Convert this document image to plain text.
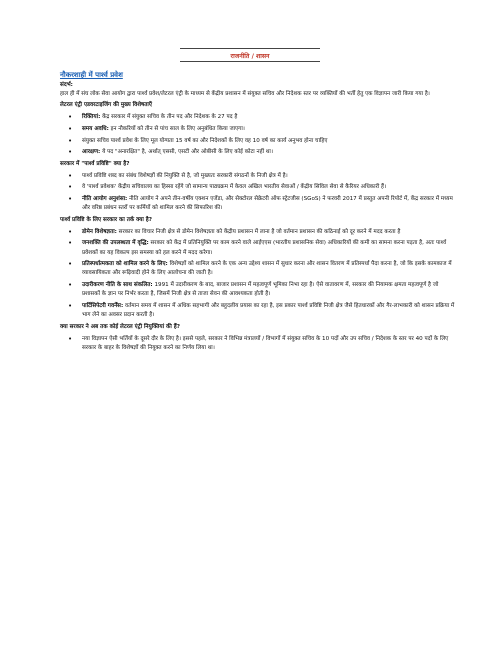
राजनीति / शासन
नौकरशाही में पार्श्व प्रवेश
संदर्भ:

हाल ही में संघ लोक सेवा आयोग द्वारा पार्श्व प्रवेश/लेटरल एंट्री के माध्यम से केंद्रीय प्रशासन में संयुक्त सचिव और निदेशक स्तर पर व्यक्तियों की भर्ती हेतु एक विज्ञापन जारी किया गया है।

लेटरल एंट्री एडवरटाइजिंग की मुख्य विशेषताएँ
• रिक्तियां: केंद्र सरकार में संयुक्त सचिव के तीन पद और निदेशक के 27 पद है
• समय अवधि: इन नौकरियों को तीन से पांच साल के लिए अनुबंधित किया जाएगा।
• संयुक्त सचिव पार्श्व प्रवेश के लिए मूल योग्यता 15 वर्ष का और निदेशकों के लिए वह 10 वर्ष का कार्य अनुभव होना चाहिए
• आरक्षण: ये पद "अनारक्षित" है, अर्थात् एससी, एसटी और ओबीसी के लिए कोई कोटा नहीं था।
सरकार में "पार्श्व प्रविष्टि" क्या है?
• पार्श्व प्रविष्टि शब्द का संबंध विशेषज्ञों की नियुक्ति से है, जो मुख्यतः सरकारी संगठनों के निजी क्षेत्र में है।
• वे 'पार्श्व प्रवेशक' केंद्रीय सचिवालय का हिस्सा रहेंगे जो सामान्य पाठ्यक्रम में केवल अखिल भारतीय सेवाओं / केंद्रीय सिविल सेवा से कैरियर अधिकारी हैं।
• नीति आयोग अनुशंसा: नीति आयोग ने अपने तीन-वर्षीय एक्शन एजेंडा, और सेक्टोरल सेक्रेटरी ऑफ स्ट्रेटजीस (SGoS) ने फरवरी 2017 में प्रस्तुत अपनी रिपोर्ट में, केंद्र सरकार में मध्यम और वरिष्ठ प्रबंधन स्तरों पर कर्मियों को शामिल करने की सिफारिश की।
पार्श्व प्रविष्टि के लिए सरकार का तर्क क्या है?
• डोमेन विशेषज्ञता: सरकार का विचार निजी क्षेत्र से डोमेन विशेषज्ञता को केंद्रीय प्रशासन में लाना है जो वर्तमान प्रशासन की कठिनाई को दूर करने में मदद करता है
• जनशक्ति की उपलब्धता में वृद्धि: सरकार को केंद्र में प्रतिनियुक्ति पर काम करने वाले आईएएस (भारतीय प्रशासनिक सेवा) अधिकारियों की कमी का सामना करना पड़ता है, अतः पार्श्व प्रवेशकों का यह विकल्प इस समस्या को हल करने में मदद करेगा।
• प्रतिस्पर्धात्मकता को शामिल करने के लिए: विशेषज्ञों को शामिल करने के एक अन्य उद्देश्य शासन में सुधार करना और शासन वितरण में प्रतिस्पर्धा पैदा करना है, जो कि इसके कामकाज में व्यावसायिकता और रूढ़िवादी होने के लिए आलोचना की जाती है।
• उदारीकरण नीति के साथ संकलित: 1991 में उदारीकरण के बाद, बाजार प्रशासन में महत्वपूर्ण भूमिका निभा रहा है। ऐसे वातावरण में, सरकार की नियामक क्षमता महत्वपूर्ण है जो प्रशासकों के ज्ञान पर निर्भर करता है, जिसमें निजी क्षेत्र से ताजा सेवन की आवश्यकता होती है।
• पार्टिसिपेटरी गवर्नेंस: वर्तमान समय में शासन में अधिक सहभागी और बहुदलीय प्रयास का रहा है, इस प्रकार पार्श्व प्रविष्टि निजी क्षेत्र जैसे हितधारकों और गैर-लाभकारी को शासन प्रक्रिया में भाग लेने का अवसर प्रदान करती है।
क्या सरकार ने अब तक कोई लेटरल एंट्री नियुक्तियां की हैं?
• नया विज्ञापन ऐसी भर्तियों के दूसरे दौर के लिए है। इससे पहले, सरकार ने विभिन्न मंत्रालयों / विभागों में संयुक्त सचिव के 10 पदों और उप सचिव / निदेशक के स्तर पर 40 पदों के लिए सरकार के बाहर के विशेषज्ञों की नियुक्त करने का निर्णय लिया था।
